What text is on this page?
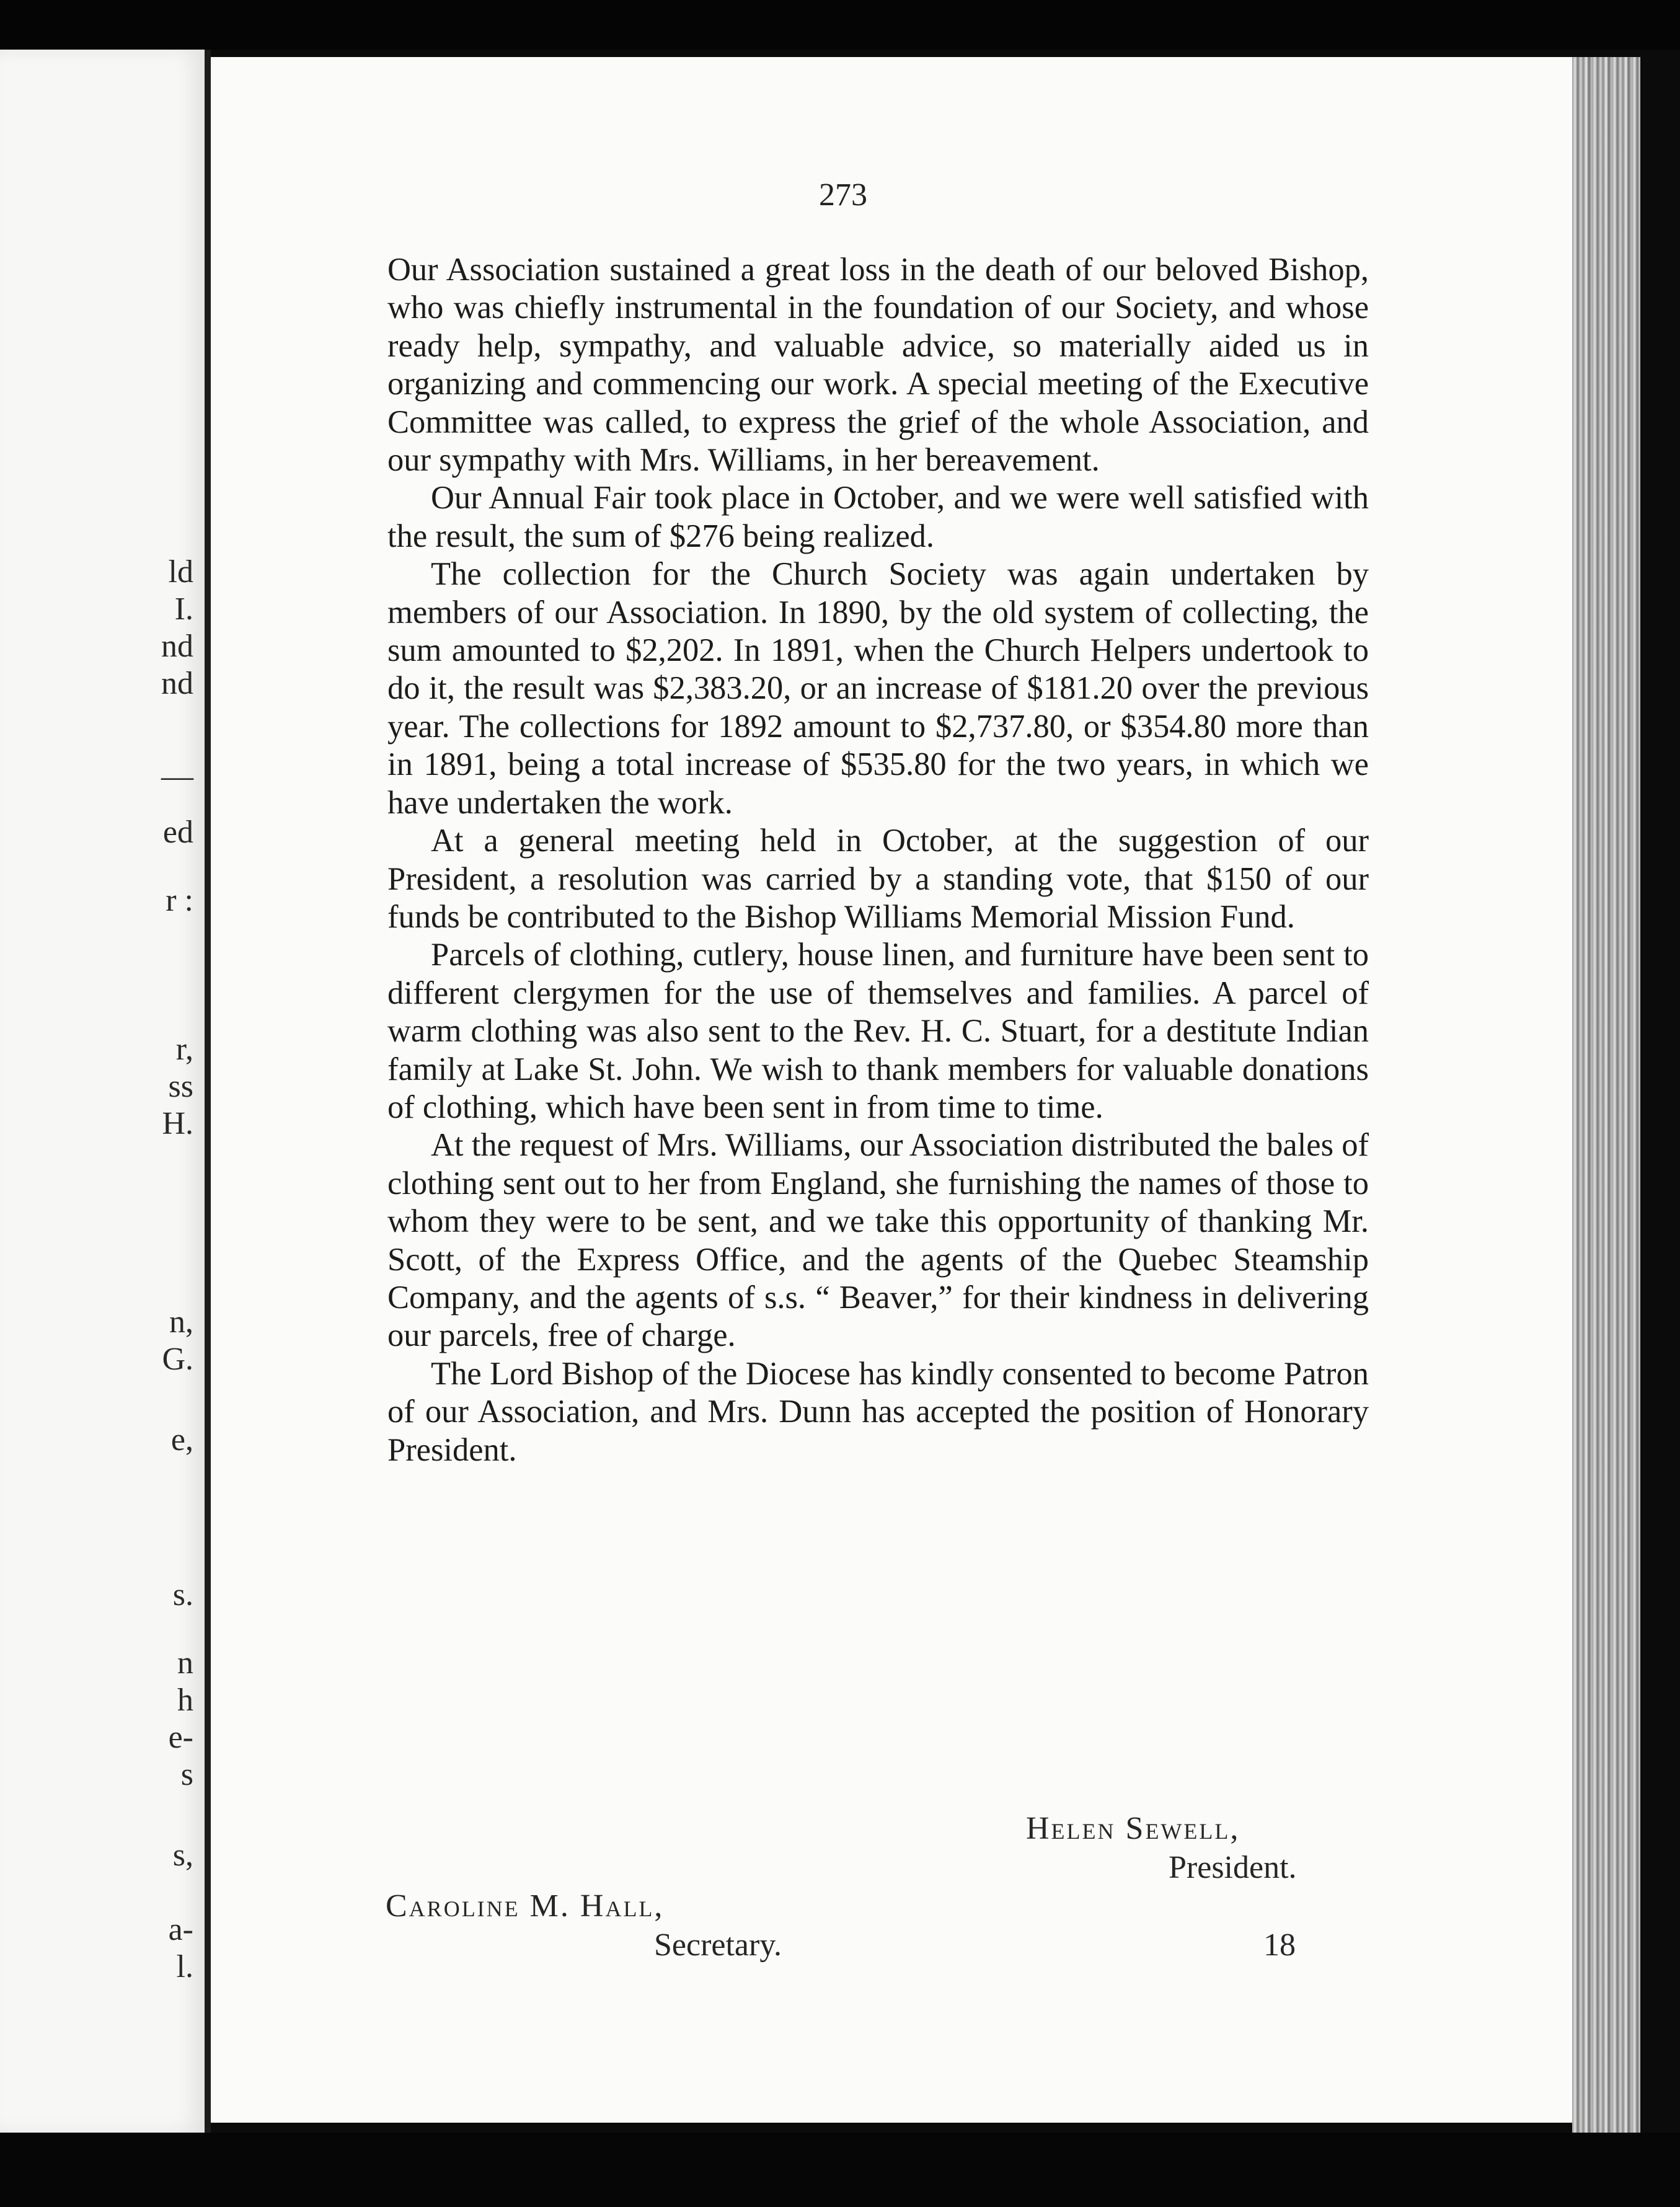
ld
I.
nd
nd
—
ed
r :
r,
ss
H.
n,
G.
e,
s.
n
h
e-
s
s,
a-
l.
273

Our Association sustained a great loss in the death of our beloved Bishop, who was chiefly instrumental in the foundation of our Society, and whose ready help, sympathy, and valuable advice, so materially aided us in organizing and commencing our work. A special meeting of the Executive Committee was called, to express the grief of the whole Association, and our sympathy with Mrs. Williams, in her bereavement.

Our Annual Fair took place in October, and we were well satisfied with the result, the sum of $276 being realized.

The collection for the Church Society was again undertaken by members of our Association. In 1890, by the old system of collecting, the sum amounted to $2,202. In 1891, when the Church Helpers undertook to do it, the result was $2,383.20, or an increase of $181.20 over the previous year. The collections for 1892 amount to $2,737.80, or $354.80 more than in 1891, being a total increase of $535.80 for the two years, in which we have undertaken the work.

At a general meeting held in October, at the suggestion of our President, a resolution was carried by a standing vote, that $150 of our funds be contributed to the Bishop Williams Memorial Mission Fund.

Parcels of clothing, cutlery, house linen, and furniture have been sent to different clergymen for the use of themselves and families. A parcel of warm clothing was also sent to the Rev. H. C. Stuart, for a destitute Indian family at Lake St. John. We wish to thank members for valuable donations of clothing, which have been sent in from time to time.

At the request of Mrs. Williams, our Association distributed the bales of clothing sent out to her from England, she furnishing the names of those to whom they were to be sent, and we take this opportunity of thanking Mr. Scott, of the Express Office, and the agents of the Quebec Steamship Company, and the agents of s.s. “ Beaver,” for their kindness in delivering our parcels, free of charge.

The Lord Bishop of the Diocese has kindly consented to become Patron of our Association, and Mrs. Dunn has accepted the position of Honorary President.

Helen Sewell,
President.
Caroline M. Hall,
Secretary.	18
